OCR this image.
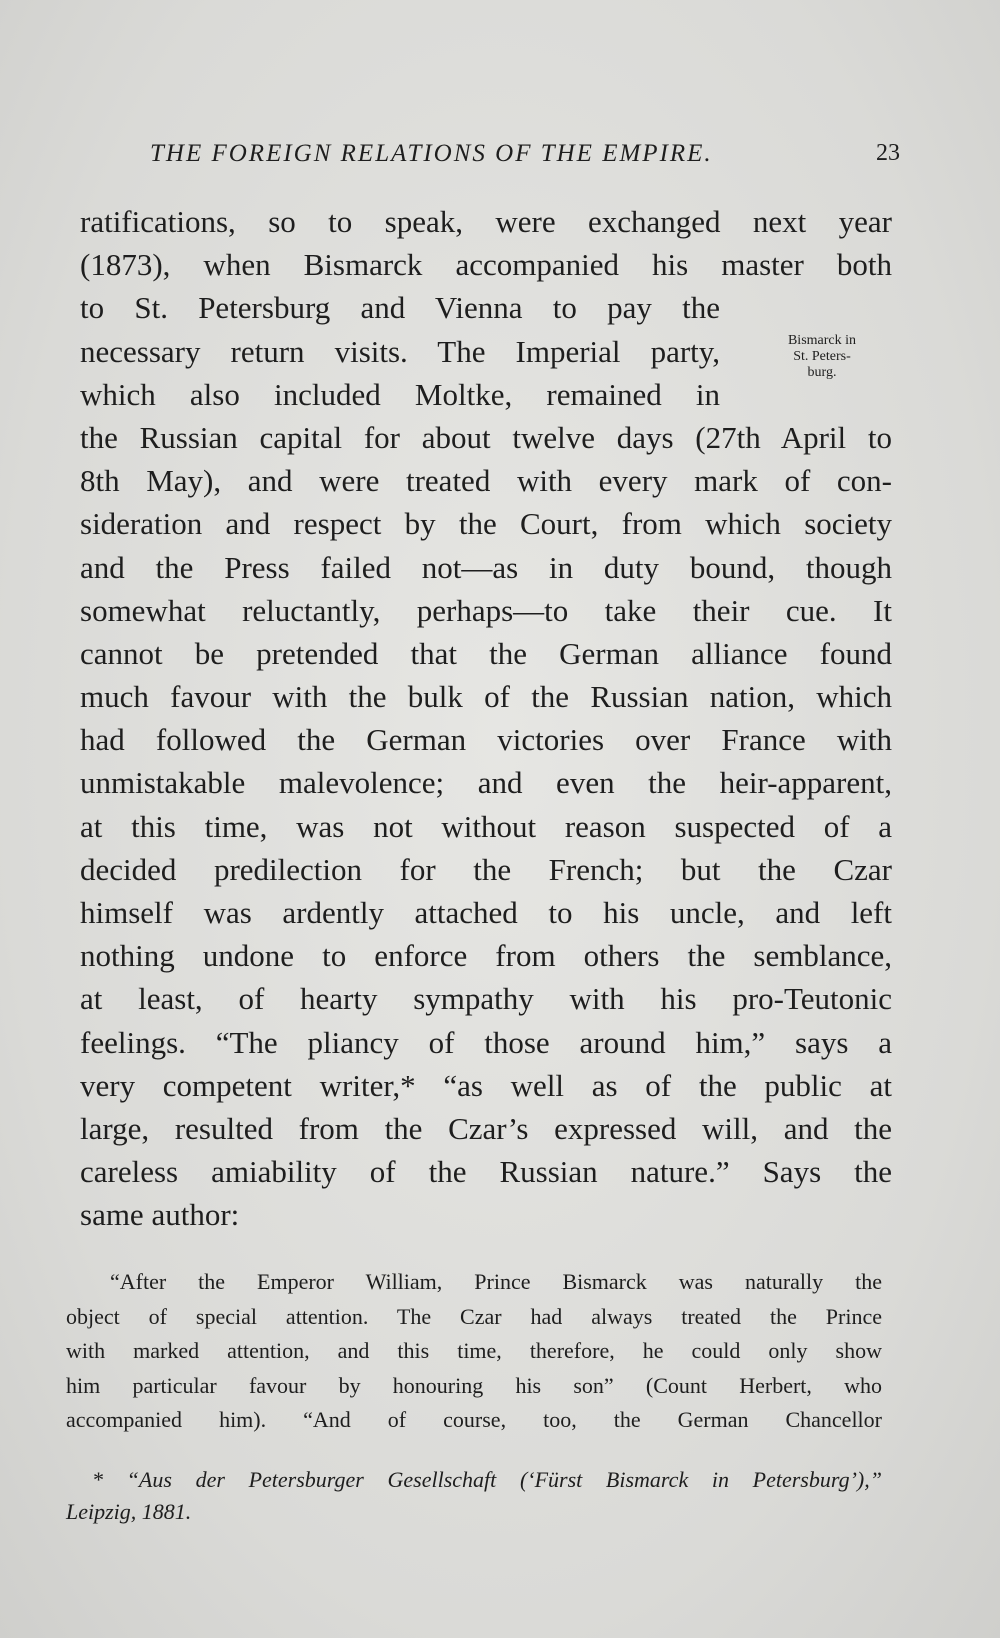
THE FOREIGN RELATIONS OF THE EMPIRE.	23
Bismarck in
St. Peters-
burg.
ratifications, so to speak, were exchanged next year
(1873), when Bismarck accompanied his master both
to St. Petersburg and Vienna to pay the
necessary return visits. The Imperial party,
which also included Moltke, remained in
the Russian capital for about twelve days (27th April to
8th May), and were treated with every mark of con-
sideration and respect by the Court, from which society
and the Press failed not—as in duty bound, though
somewhat reluctantly, perhaps—to take their cue. It
cannot be pretended that the German alliance found
much favour with the bulk of the Russian nation, which
had followed the German victories over France with
unmistakable malevolence; and even the heir-apparent,
at this time, was not without reason suspected of a
decided predilection for the French; but the Czar
himself was ardently attached to his uncle, and left
nothing undone to enforce from others the semblance,
at least, of hearty sympathy with his pro-Teutonic
feelings. “The pliancy of those around him,” says a
very competent writer,* “as well as of the public at
large, resulted from the Czar’s expressed will, and the
careless amiability of the Russian nature.” Says the
same author:
“After the Emperor William, Prince Bismarck was naturally the
object of special attention. The Czar had always treated the Prince
with marked attention, and this time, therefore, he could only show
him particular favour by honouring his son” (Count Herbert, who
accompanied him). “And of course, too, the German Chancellor
* “Aus der Petersburger Gesellschaft (‘Fürst Bismarck in Petersburg’),”
Leipzig, 1881.
